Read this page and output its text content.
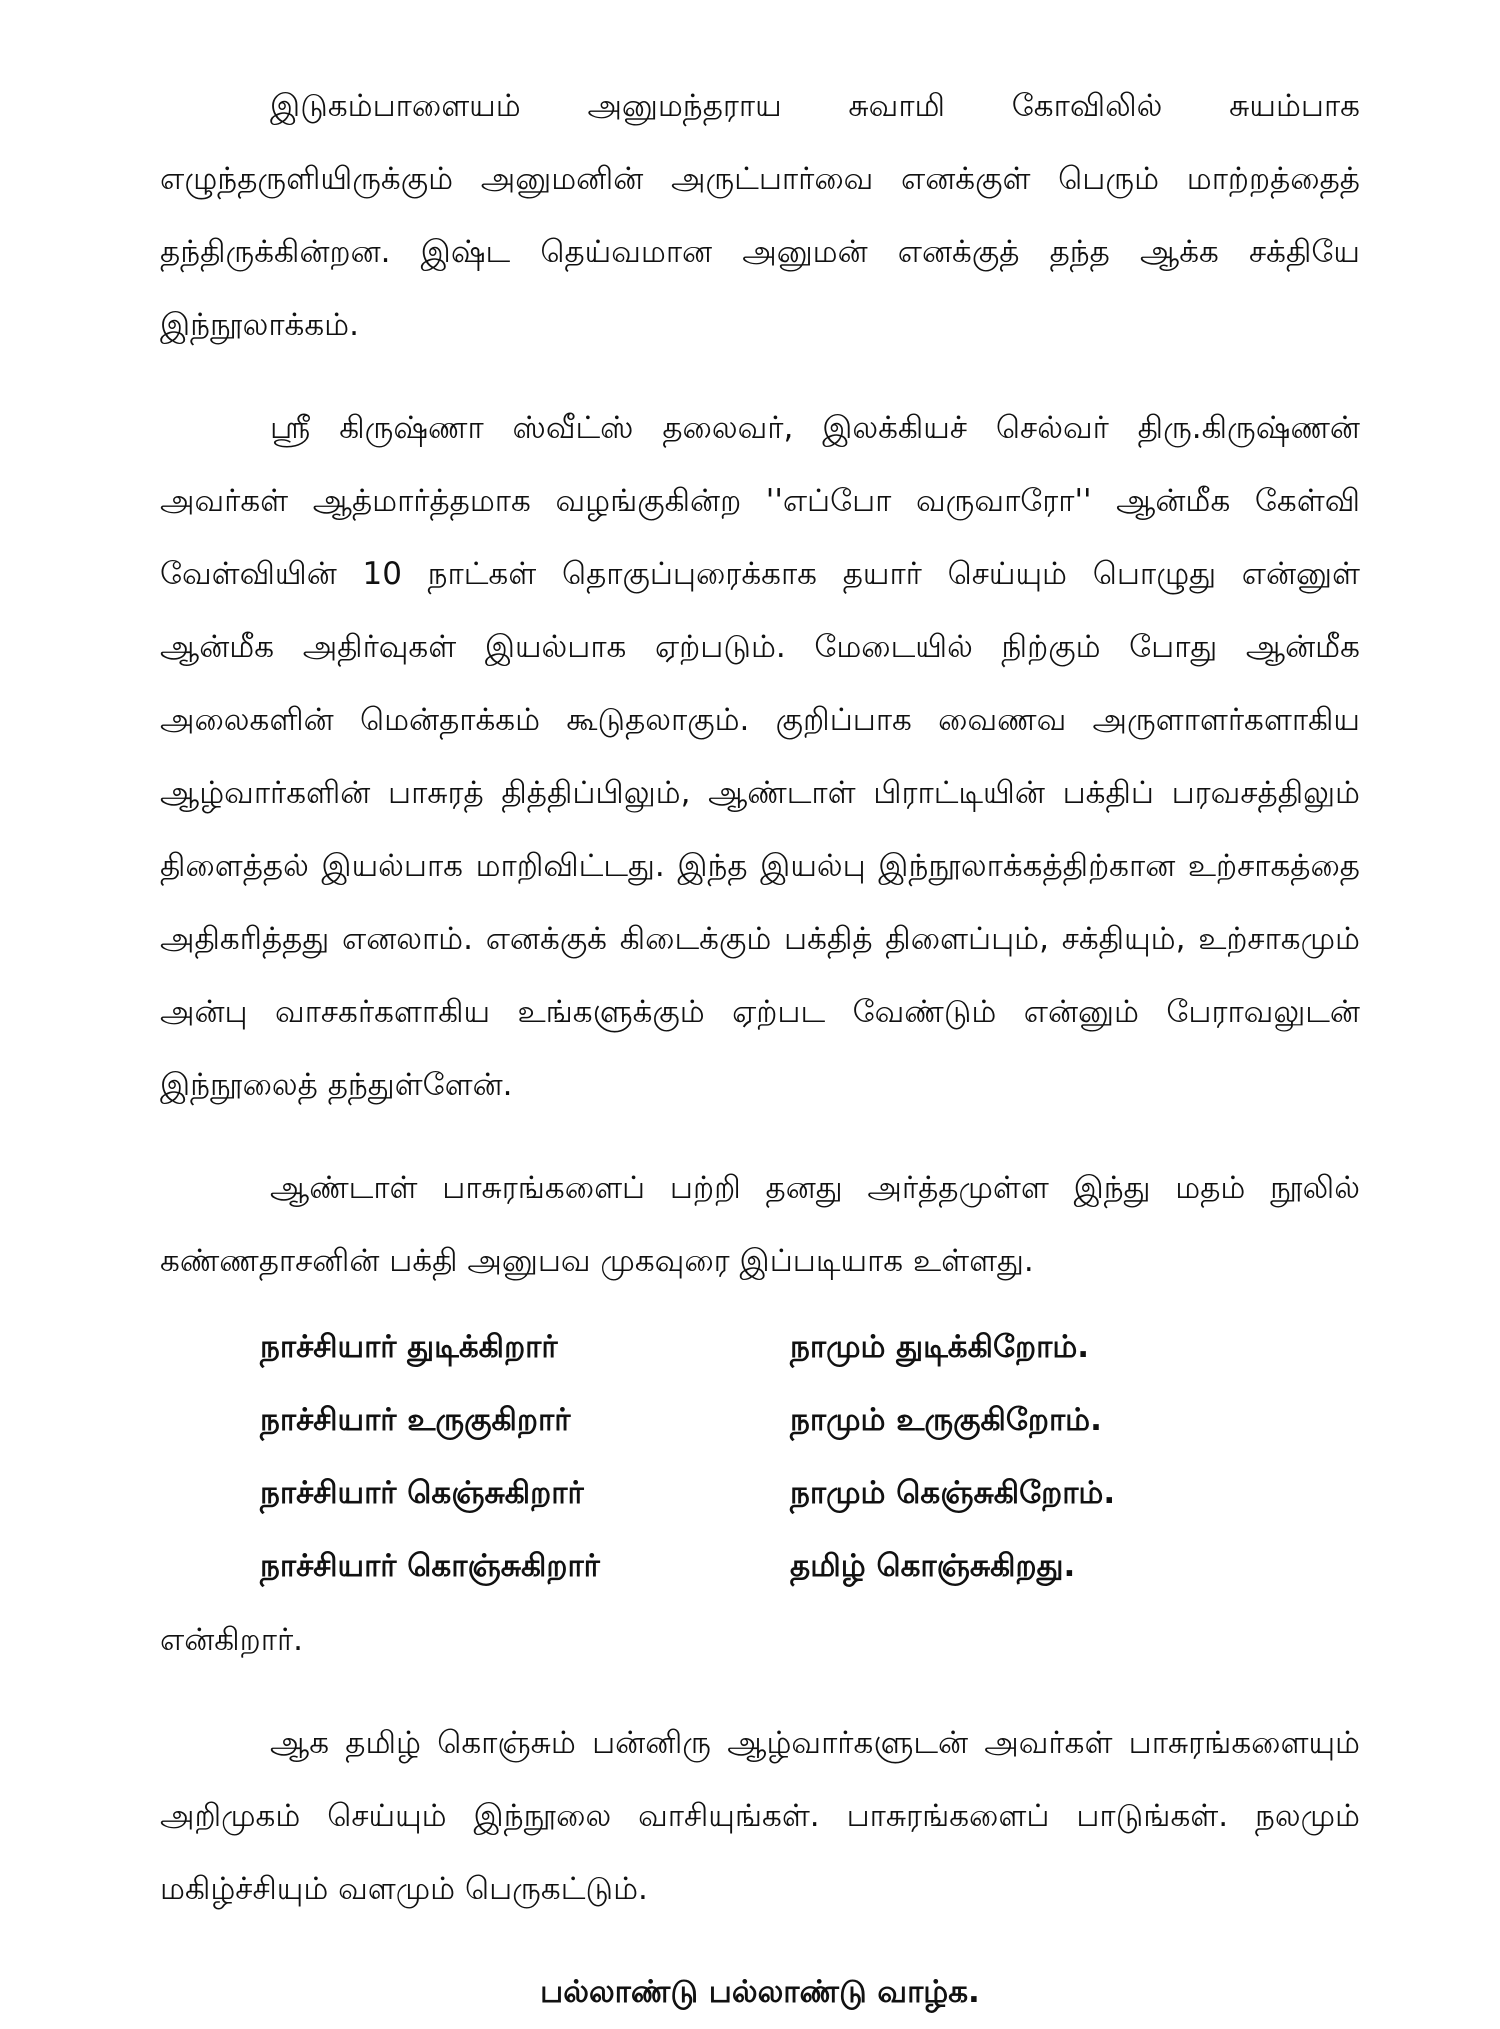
இடுகம்பாளையம் அனுமந்தராய சுவாமி கோவிலில் சுயம்பாக எழுந்தருளியிருக்கும் அனுமனின் அருட்பார்வை எனக்குள் பெரும் மாற்றத்தைத் தந்திருக்கின்றன. இஷ்ட தெய்வமான அனுமன் எனக்குத் தந்த ஆக்க சக்தியே இந்நூலாக்கம்.

ஸ்ரீ கிருஷ்ணா ஸ்வீட்ஸ் தலைவர், இலக்கியச் செல்வர் திரு.கிருஷ்ணன் அவர்கள் ஆத்மார்த்தமாக வழங்குகின்ற ''எப்போ வருவாரோ'' ஆன்மீக கேள்வி வேள்வியின் 10 நாட்கள் தொகுப்புரைக்காக தயார் செய்யும் பொழுது என்னுள் ஆன்மீக அதிர்வுகள் இயல்பாக ஏற்படும். மேடையில் நிற்கும் போது ஆன்மீக அலைகளின் மென்தாக்கம் கூடுதலாகும். குறிப்பாக வைணவ அருளாளர்களாகிய ஆழ்வார்களின் பாசுரத் தித்திப்பிலும், ஆண்டாள் பிராட்டியின் பக்திப் பரவசத்திலும் திளைத்தல் இயல்பாக மாறிவிட்டது. இந்த இயல்பு இந்நூலாக்கத்திற்கான உற்சாகத்தை அதிகரித்தது எனலாம். எனக்குக் கிடைக்கும் பக்தித் திளைப்பும், சக்தியும், உற்சாகமும் அன்பு வாசகர்களாகிய உங்களுக்கும் ஏற்பட வேண்டும் என்னும் பேராவலுடன் இந்நூலைத் தந்துள்ளேன்.

ஆண்டாள் பாசுரங்களைப் பற்றி தனது அர்த்தமுள்ள இந்து மதம் நூலில் கண்ணதாசனின் பக்தி அனுபவ முகவுரை இப்படியாக உள்ளது.

நாச்சியார் துடிக்கிறார்	நாமும் துடிக்கிறோம்.
நாச்சியார் உருகுகிறார்	நாமும் உருகுகிறோம்.
நாச்சியார் கெஞ்சுகிறார்	நாமும் கெஞ்சுகிறோம்.
நாச்சியார் கொஞ்சுகிறார்	தமிழ் கொஞ்சுகிறது.

என்கிறார்.

ஆக தமிழ் கொஞ்சும் பன்னிரு ஆழ்வார்களுடன் அவர்கள் பாசுரங்களையும் அறிமுகம் செய்யும் இந்நூலை வாசியுங்கள். பாசுரங்களைப் பாடுங்கள். நலமும் மகிழ்ச்சியும் வளமும் பெருகட்டும்.

பல்லாண்டு பல்லாண்டு வாழ்க.
